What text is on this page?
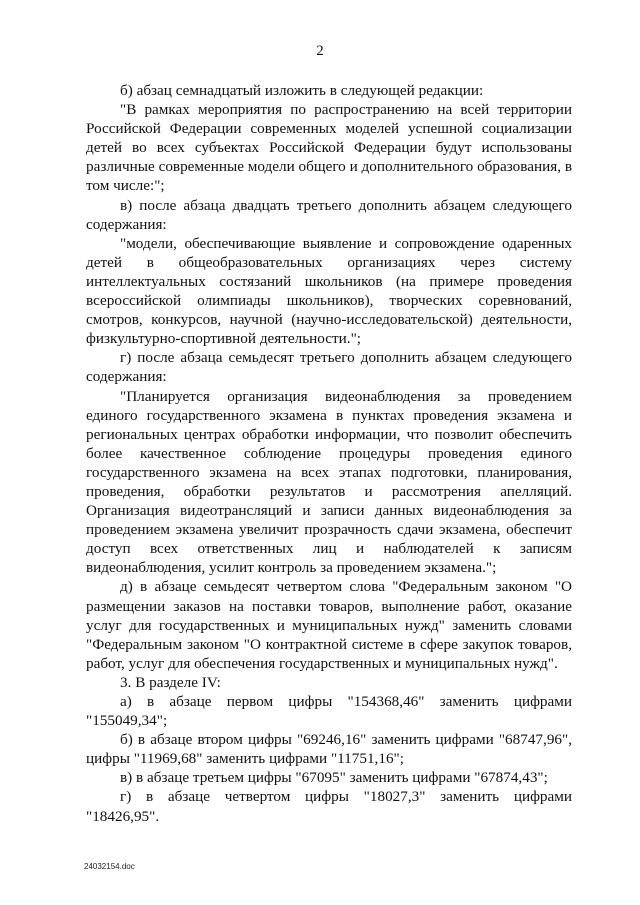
2

б) абзац семнадцатый изложить в следующей редакции:

"В рамках мероприятия по распространению на всей территории Российской Федерации современных моделей успешной социализации детей во всех субъектах Российской Федерации будут использованы различные современные модели общего и дополнительного образования, в том числе:";

в) после абзаца двадцать третьего дополнить абзацем следующего содержания:

"модели, обеспечивающие выявление и сопровождение одаренных детей в общеобразовательных организациях через систему интеллектуальных состязаний школьников (на примере проведения всероссийской олимпиады школьников), творческих соревнований, смотров, конкурсов, научной (научно-исследовательской) деятельности, физкультурно-спортивной деятельности.";

г) после абзаца семьдесят третьего дополнить абзацем следующего содержания:

"Планируется организация видеонаблюдения за проведением единого государственного экзамена в пунктах проведения экзамена и региональных центрах обработки информации, что позволит обеспечить более качественное соблюдение процедуры проведения единого государственного экзамена на всех этапах подготовки, планирования, проведения, обработки результатов и рассмотрения апелляций. Организация видеотрансляций и записи данных видеонаблюдения за проведением экзамена увеличит прозрачность сдачи экзамена, обеспечит доступ всех ответственных лиц и наблюдателей к записям видеонаблюдения, усилит контроль за проведением экзамена.";

д) в абзаце семьдесят четвертом слова "Федеральным законом "О размещении заказов на поставки товаров, выполнение работ, оказание услуг для государственных и муниципальных нужд" заменить словами "Федеральным законом "О контрактной системе в сфере закупок товаров, работ, услуг для обеспечения государственных и муниципальных нужд".

3. В разделе IV:

а) в абзаце первом цифры "154368,46" заменить цифрами "155049,34";

б) в абзаце втором цифры "69246,16" заменить цифрами "68747,96", цифры "11969,68" заменить цифрами "11751,16";

в) в абзаце третьем цифры "67095" заменить цифрами "67874,43";

г) в абзаце четвертом цифры "18027,3" заменить цифрами "18426,95".

24032154.doc
